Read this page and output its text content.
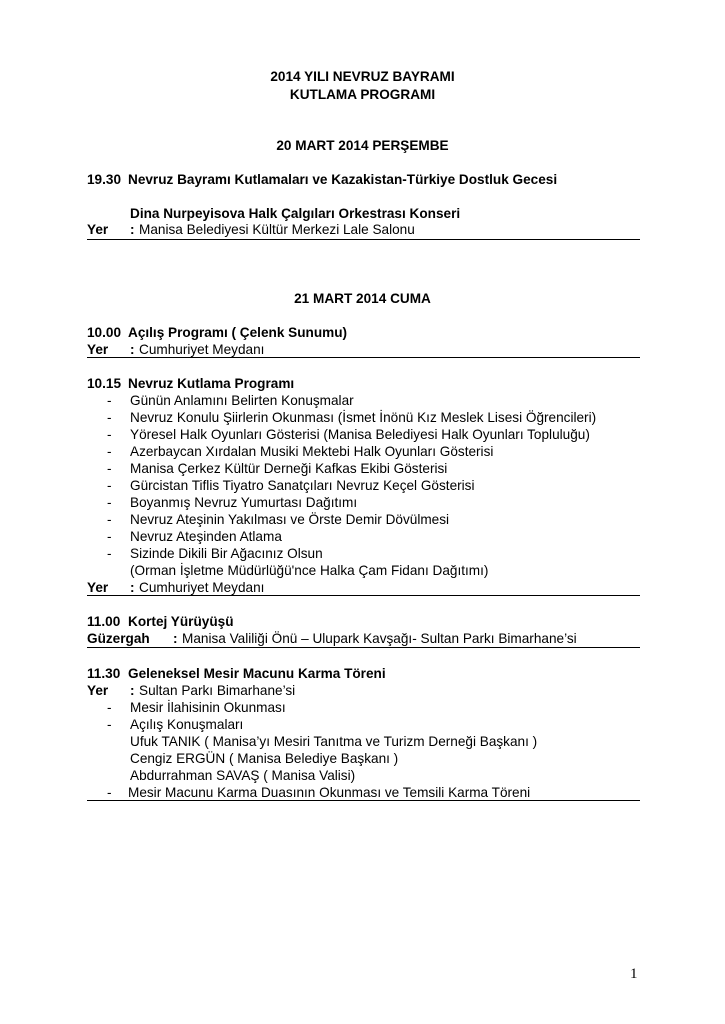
2014 YILI NEVRUZ BAYRAMI
KUTLAMA PROGRAMI
20 MART 2014 PERŞEMBE
19.30 Nevruz Bayramı Kutlamaları ve Kazakistan-Türkiye Dostluk Gecesi
Dina Nurpeyisova Halk Çalgıları Orkestrası Konseri
Yer : Manisa Belediyesi Kültür Merkezi Lale Salonu
21 MART 2014 CUMA
10.00 Açılış Programı ( Çelenk Sunumu)
Yer : Cumhuriyet Meydanı
10.15 Nevruz Kutlama Programı
- Günün Anlamını Belirten Konuşmalar
- Nevruz Konulu Şiirlerin Okunması (İsmet İnönü Kız Meslek Lisesi Öğrencileri)
- Yöresel Halk Oyunları Gösterisi (Manisa Belediyesi Halk Oyunları Topluluğu)
- Azerbaycan Xırdalan Musiki Mektebi Halk Oyunları Gösterisi
- Manisa Çerkez Kültür Derneği Kafkas Ekibi Gösterisi
- Gürcistan Tiflis Tiyatro Sanatçıları Nevruz Keçel Gösterisi
- Boyanmış Nevruz Yumurtası Dağıtımı
- Nevruz Ateşinin Yakılması ve Örste Demir Dövülmesi
- Nevruz Ateşinden Atlama
- Sizinde Dikili Bir Ağacınız Olsun
(Orman İşletme Müdürlüğü'nce Halka Çam Fidanı Dağıtımı)
Yer : Cumhuriyet Meydanı
11.00 Kortej Yürüyüşü
Güzergah : Manisa Valiliği Önü – Ulupark Kavşağı- Sultan Parkı Bimarhane’si
11.30 Geleneksel Mesir Macunu Karma Töreni
Yer : Sultan Parkı Bimarhane’si
- Mesir İlahisinin Okunması
- Açılış Konuşmaları
Ufuk TANIK ( Manisa’yı Mesiri Tanıtma ve Turizm Derneği Başkanı )
Cengiz ERGÜN ( Manisa Belediye Başkanı )
Abdurrahman SAVAŞ ( Manisa Valisi)
- Mesir Macunu Karma Duasının Okunması ve Temsili Karma Töreni
1
